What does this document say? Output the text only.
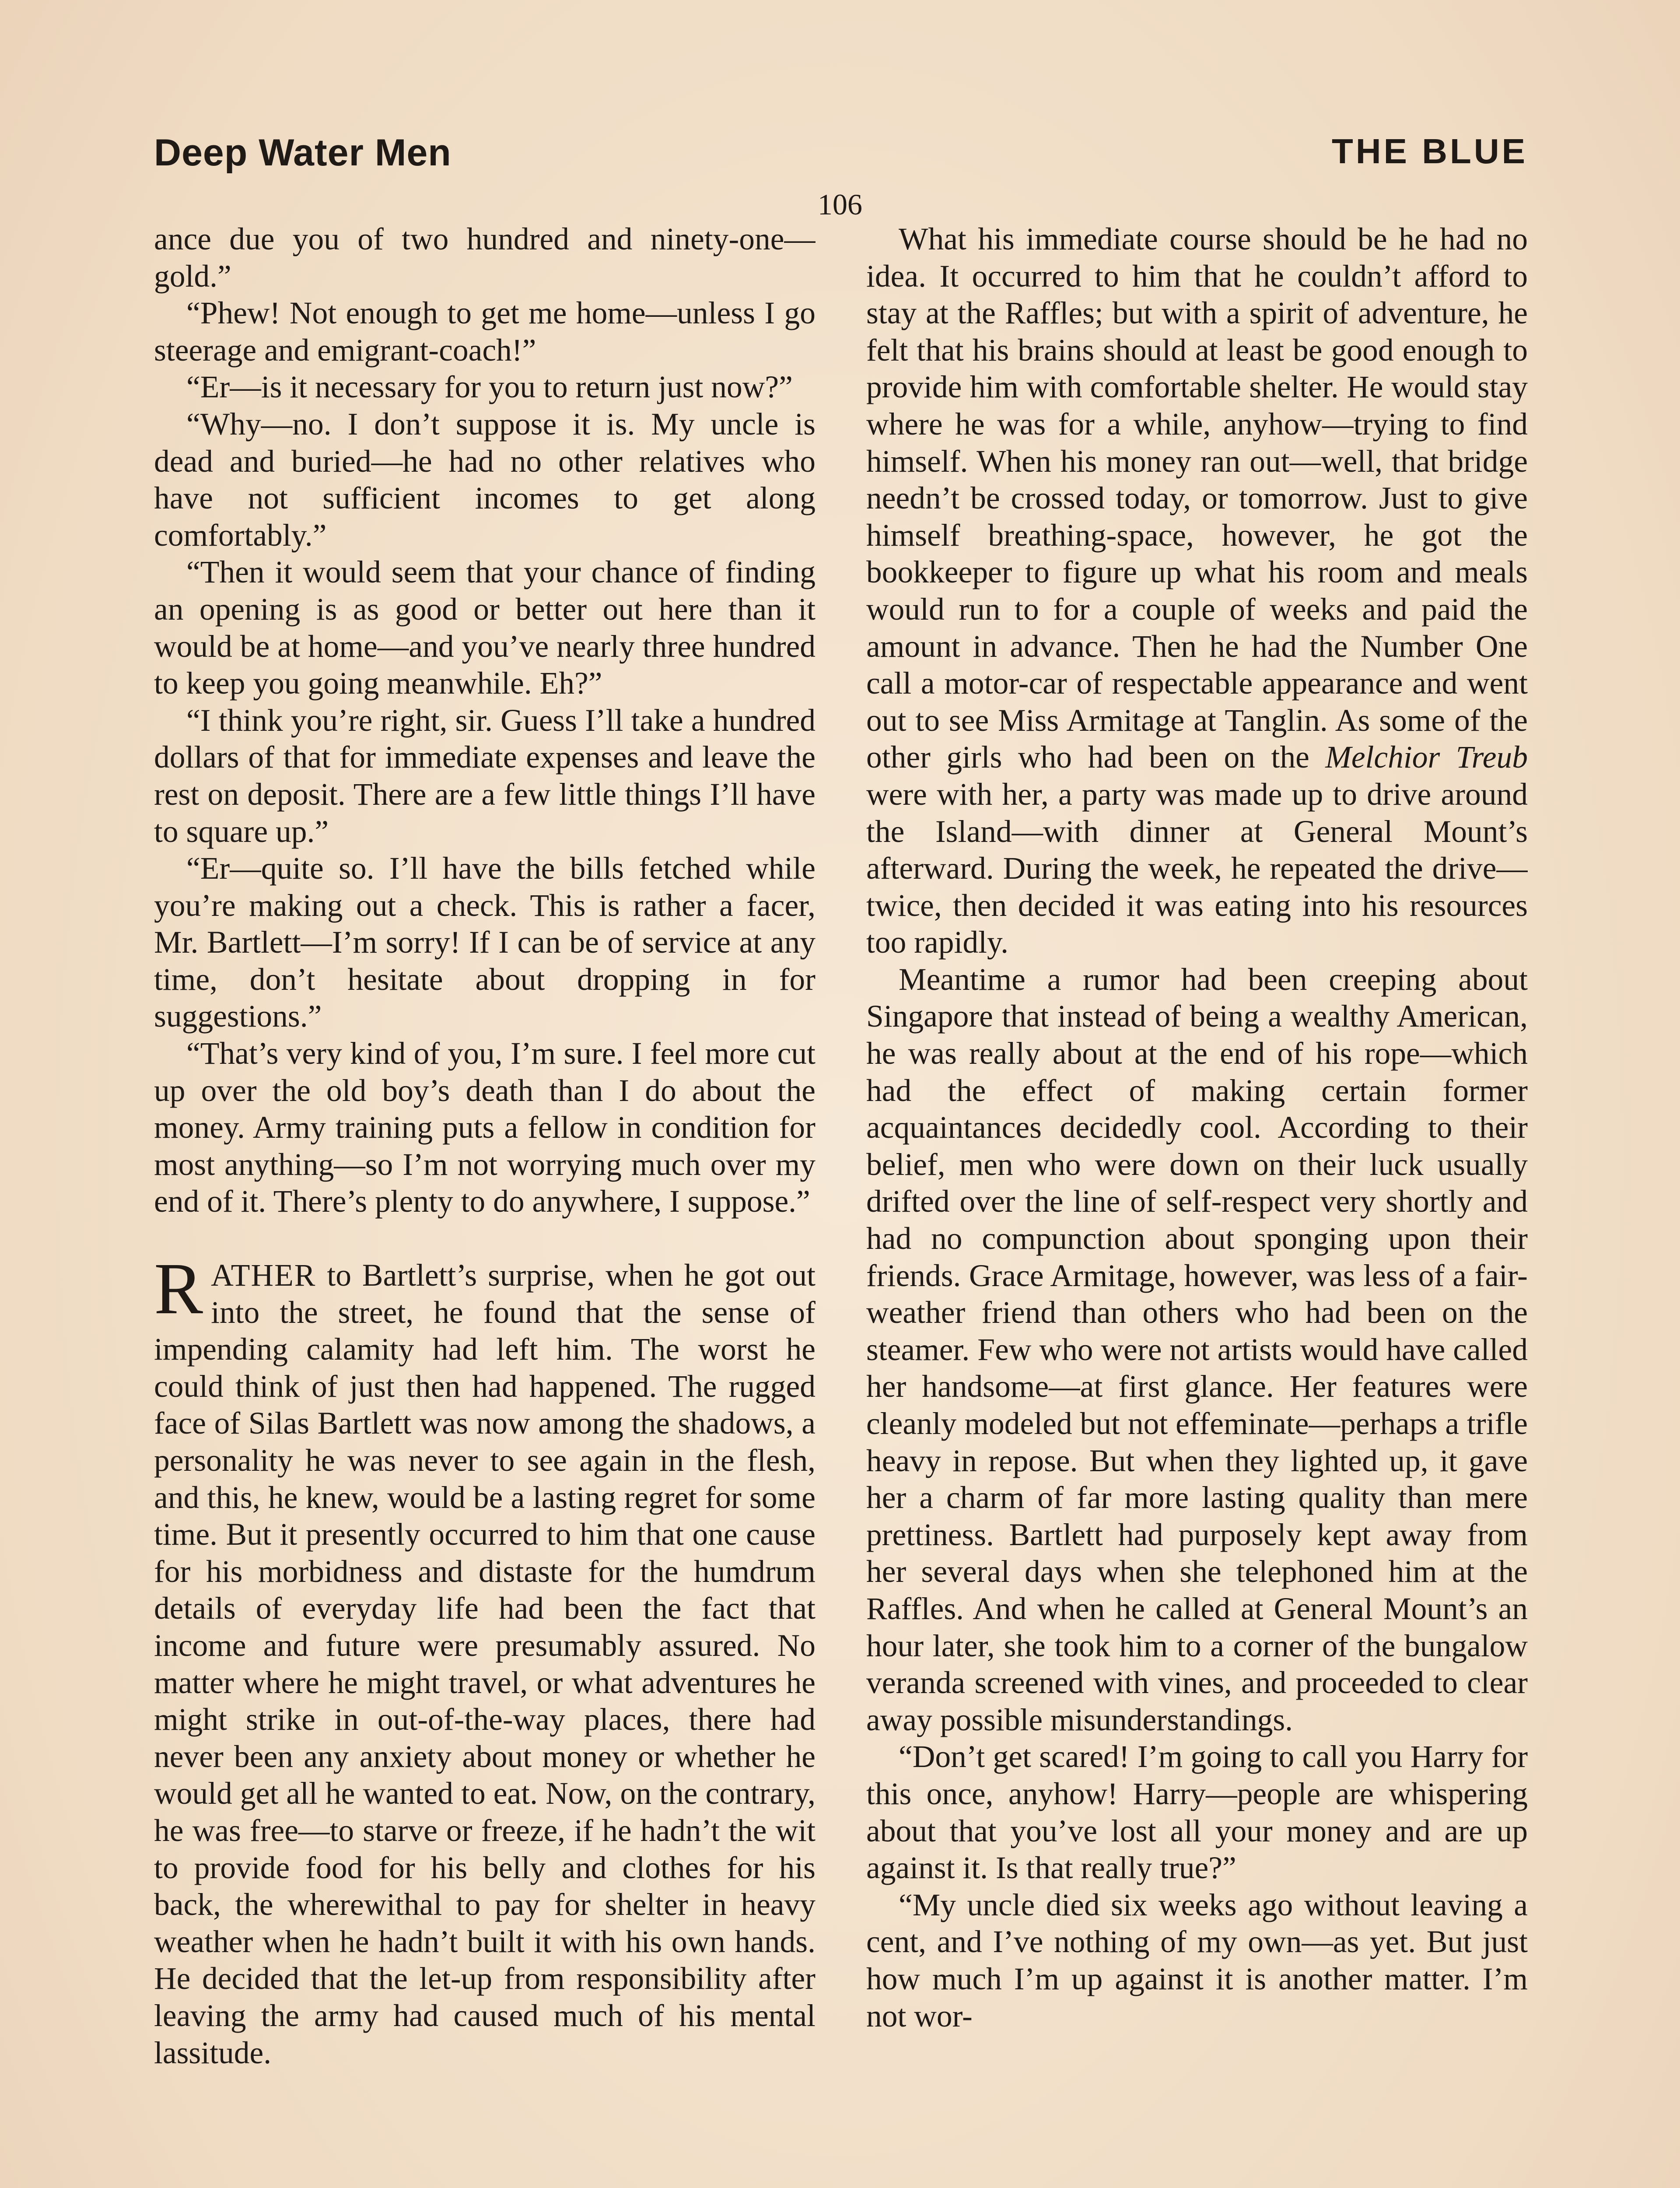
Deep Water Men	THE BLUE
106

ance due you of two hundred and ninety-one—gold.”

“Phew! Not enough to get me home—unless I go steerage and emigrant-coach!”

“Er—is it necessary for you to return just now?”

“Why—no. I don’t suppose it is. My uncle is dead and buried—he had no other relatives who have not sufficient incomes to get along comfortably.”

“Then it would seem that your chance of finding an opening is as good or better out here than it would be at home—and you’ve nearly three hundred to keep you going meanwhile. Eh?”

“I think you’re right, sir. Guess I’ll take a hundred dollars of that for immediate expenses and leave the rest on deposit. There are a few little things I’ll have to square up.”

“Er—quite so. I’ll have the bills fetched while you’re making out a check. This is rather a facer, Mr. Bartlett—I’m sorry! If I can be of service at any time, don’t hesitate about dropping in for suggestions.”

“That’s very kind of you, I’m sure. I feel more cut up over the old boy’s death than I do about the money. Army training puts a fellow in condition for most anything—so I’m not worrying much over my end of it. There’s plenty to do anywhere, I suppose.”

RATHER to Bartlett’s surprise, when he got out into the street, he found that the sense of impending calamity had left him. The worst he could think of just then had happened. The rugged face of Silas Bartlett was now among the shadows, a personality he was never to see again in the flesh, and this, he knew, would be a lasting regret for some time. But it presently occurred to him that one cause for his morbidness and distaste for the humdrum details of everyday life had been the fact that income and future were presumably assured. No matter where he might travel, or what adventures he might strike in out-of-the-way places, there had never been any anxiety about money or whether he would get all he wanted to eat. Now, on the contrary, he was free—to starve or freeze, if he hadn’t the wit to provide food for his belly and clothes for his back, the wherewithal to pay for shelter in heavy weather when he hadn’t built it with his own hands. He decided that the let-up from responsibility after leaving the army had caused much of his mental lassitude.

What his immediate course should be he had no idea. It occurred to him that he couldn’t afford to stay at the Raffles; but with a spirit of adventure, he felt that his brains should at least be good enough to provide him with comfortable shelter. He would stay where he was for a while, anyhow—trying to find himself. When his money ran out—well, that bridge needn’t be crossed today, or tomorrow. Just to give himself breathing-space, however, he got the bookkeeper to figure up what his room and meals would run to for a couple of weeks and paid the amount in advance. Then he had the Number One call a motor-car of respectable appearance and went out to see Miss Armitage at Tanglin. As some of the other girls who had been on the Melchior Treub were with her, a party was made up to drive around the Island—with dinner at General Mount’s afterward. During the week, he repeated the drive—twice, then decided it was eating into his resources too rapidly.

Meantime a rumor had been creeping about Singapore that instead of being a wealthy American, he was really about at the end of his rope—which had the effect of making certain former acquaintances decidedly cool. According to their belief, men who were down on their luck usually drifted over the line of self-respect very shortly and had no compunction about sponging upon their friends. Grace Armitage, however, was less of a fair-weather friend than others who had been on the steamer. Few who were not artists would have called her handsome—at first glance. Her features were cleanly modeled but not effeminate—perhaps a trifle heavy in repose. But when they lighted up, it gave her a charm of far more lasting quality than mere prettiness. Bartlett had purposely kept away from her several days when she telephoned him at the Raffles. And when he called at General Mount’s an hour later, she took him to a corner of the bungalow veranda screened with vines, and proceeded to clear away possible misunderstandings.

“Don’t get scared! I’m going to call you Harry for this once, anyhow! Harry—people are whispering about that you’ve lost all your money and are up against it. Is that really true?”

“My uncle died six weeks ago without leaving a cent, and I’ve nothing of my own—as yet. But just how much I’m up against it is another matter. I’m not wor-
